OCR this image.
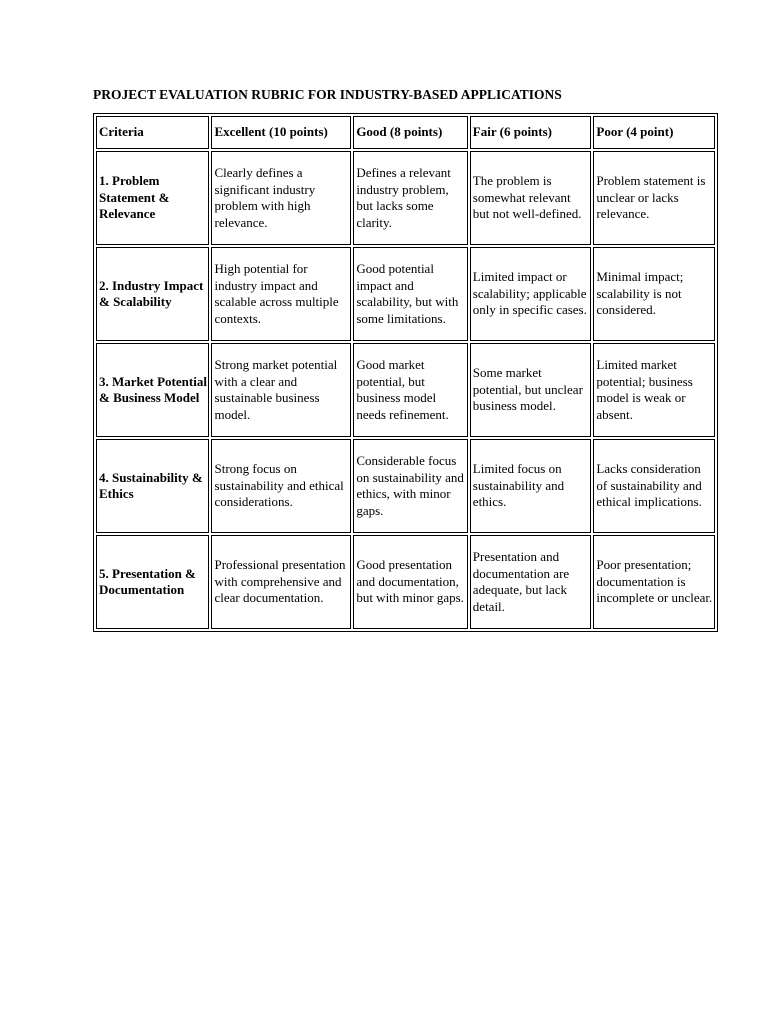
PROJECT EVALUATION RUBRIC FOR INDUSTRY-BASED APPLICATIONS
Criteria	Excellent (10 points)	Good (8 points)	Fair (6 points)	Poor (4 point)
1. Problem Statement & Relevance	Clearly defines a significant industry problem with high relevance.	Defines a relevant industry problem, but lacks some clarity.	The problem is somewhat relevant but not well-defined.	Problem statement is unclear or lacks relevance.
2. Industry Impact & Scalability	High potential for industry impact and scalable across multiple contexts.	Good potential impact and scalability, but with some limitations.	Limited impact or scalability; applicable only in specific cases.	Minimal impact; scalability is not considered.
3. Market Potential & Business Model	Strong market potential with a clear and sustainable business model.	Good market potential, but business model needs refinement.	Some market potential, but unclear business model.	Limited market potential; business model is weak or absent.
4. Sustainability & Ethics	Strong focus on sustainability and ethical considerations.	Considerable focus on sustainability and ethics, with minor gaps.	Limited focus on sustainability and ethics.	Lacks consideration of sustainability and ethical implications.
5. Presentation & Documentation	Professional presentation with comprehensive and clear documentation.	Good presentation and documentation, but with minor gaps.	Presentation and documentation are adequate, but lack detail.	Poor presentation; documentation is incomplete or unclear.
